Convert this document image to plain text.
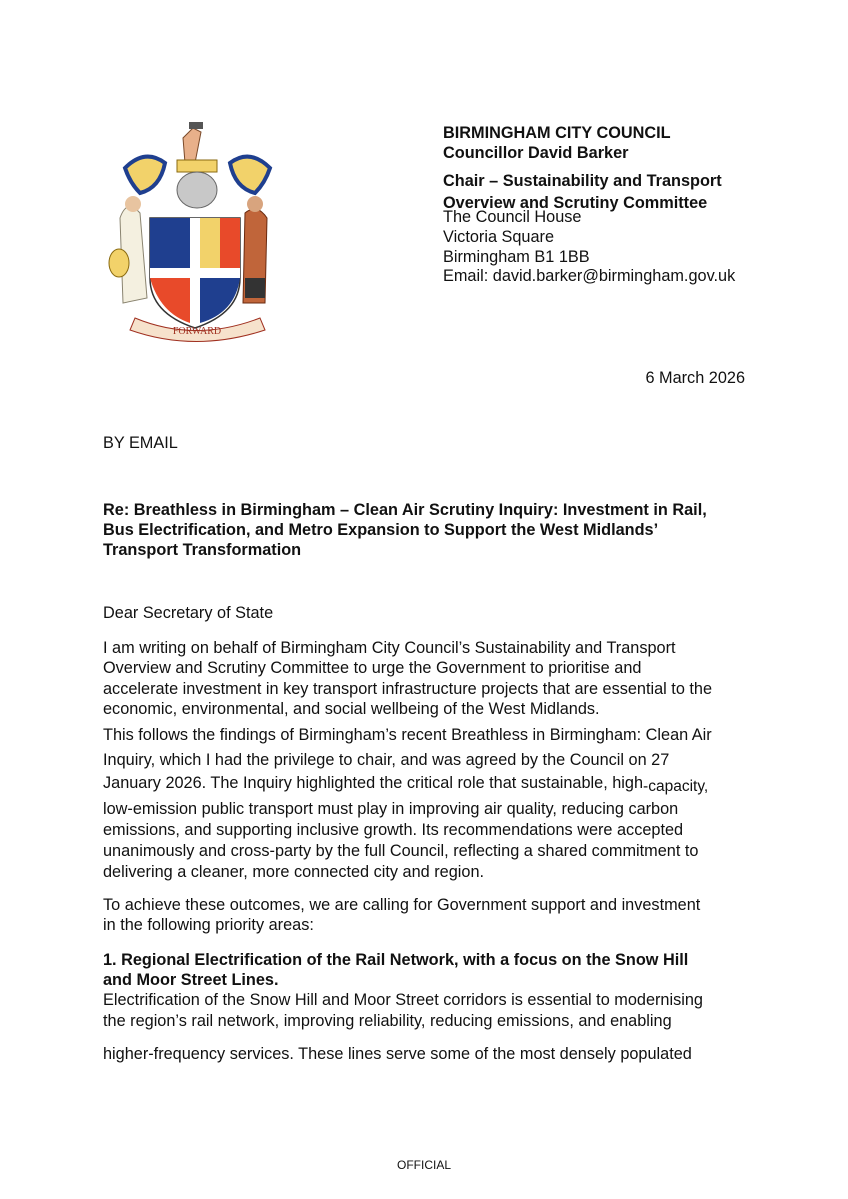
FORWARD
BIRMINGHAM CITY COUNCIL
Councillor David Barker
Chair – Sustainability and Transport
Overview and Scrutiny Committee
The Council House
Victoria Square
Birmingham B1 1BB
Email: david.barker@birmingham.gov.uk
6 March 2026
BY EMAIL
Re: Breathless in Birmingham – Clean Air Scrutiny Inquiry: Investment in Rail,
Bus Electrification, and Metro Expansion to Support the West Midlands’
Transport Transformation
Dear Secretary of State
I am writing on behalf of Birmingham City Council’s Sustainability and Transport
Overview and Scrutiny Committee to urge the Government to prioritise and
accelerate investment in key transport infrastructure projects that are essential to the
economic, environmental, and social wellbeing of the West Midlands.
This follows the findings of Birmingham’s recent Breathless in Birmingham: Clean Air
Inquiry, which I had the privilege to chair, and was agreed by the Council on 27
January 2026. The Inquiry highlighted the critical role that sustainable, high-capacity,
low-emission public transport must play in improving air quality, reducing carbon
emissions, and supporting inclusive growth. Its recommendations were accepted
unanimously and cross-party by the full Council, reflecting a shared commitment to
delivering a cleaner, more connected city and region.
To achieve these outcomes, we are calling for Government support and investment
in the following priority areas:
1. Regional Electrification of the Rail Network, with a focus on the Snow Hill
and Moor Street Lines.
Electrification of the Snow Hill and Moor Street corridors is essential to modernising
the region’s rail network, improving reliability, reducing emissions, and enabling
higher-frequency services. These lines serve some of the most densely populated
OFFICIAL
